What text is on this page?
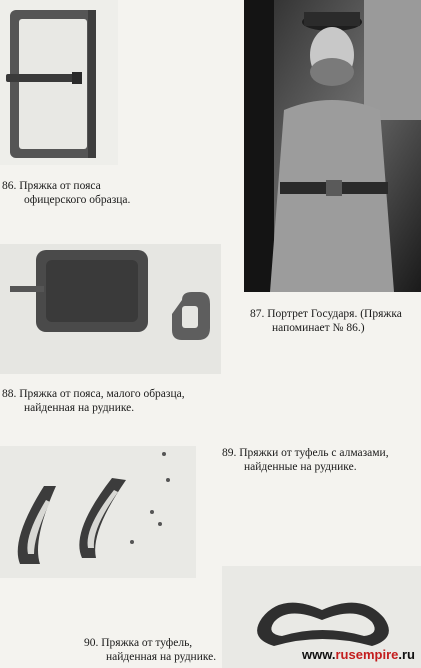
86. Пряжка от пояса
офицерского образца.
87. Портрет Государя. (Пряжка
напоминает № 86.)
88. Пряжка от пояса, малого образца,
найденная на руднике.
89. Пряжки от туфель с алмазами,
найденные на руднике.
90. Пряжка от туфель,
найденная на руднике.	www.rusempire.ru
